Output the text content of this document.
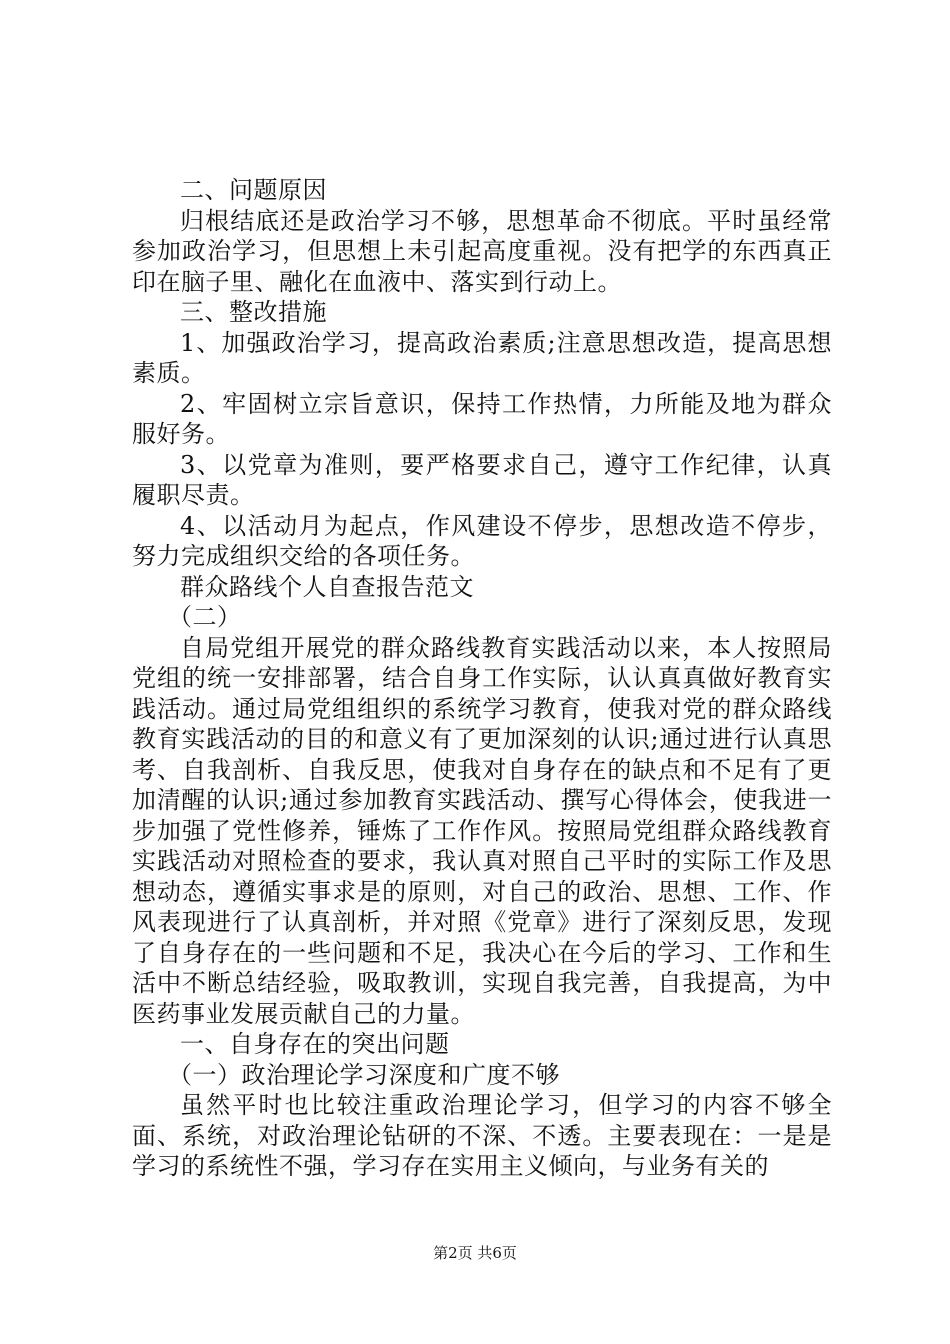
二、问题原因

归根结底还是政治学习不够，思想革命不彻底。平时虽经常参加政治学习，但思想上未引起高度重视。没有把学的东西真正印在脑子里、融化在血液中、落实到行动上。

三、整改措施

1、加强政治学习，提高政治素质;注意思想改造，提高思想素质。

2、牢固树立宗旨意识，保持工作热情，力所能及地为群众服好务。

3、以党章为准则，要严格要求自己，遵守工作纪律，认真履职尽责。

4、以活动月为起点，作风建设不停步，思想改造不停步，努力完成组织交给的各项任务。

群众路线个人自查报告范文

（二）

自局党组开展党的群众路线教育实践活动以来，本人按照局党组的统一安排部署，结合自身工作实际，认认真真做好教育实践活动。通过局党组组织的系统学习教育，使我对党的群众路线教育实践活动的目的和意义有了更加深刻的认识;通过进行认真思考、自我剖析、自我反思，使我对自身存在的缺点和不足有了更加清醒的认识;通过参加教育实践活动、撰写心得体会，使我进一步加强了党性修养，锤炼了工作作风。按照局党组群众路线教育实践活动对照检查的要求，我认真对照自己平时的实际工作及思想动态，遵循实事求是的原则，对自己的政治、思想、工作、作风表现进行了认真剖析，并对照《党章》进行了深刻反思，发现了自身存在的一些问题和不足，我决心在今后的学习、工作和生活中不断总结经验，吸取教训，实现自我完善，自我提高，为中医药事业发展贡献自己的力量。

一、自身存在的突出问题

（一）政治理论学习深度和广度不够

虽然平时也比较注重政治理论学习，但学习的内容不够全面、系统，对政治理论钻研的不深、不透。主要表现在：一是是学习的系统性不强，学习存在实用主义倾向，与业务有关的

第2页 共6页
